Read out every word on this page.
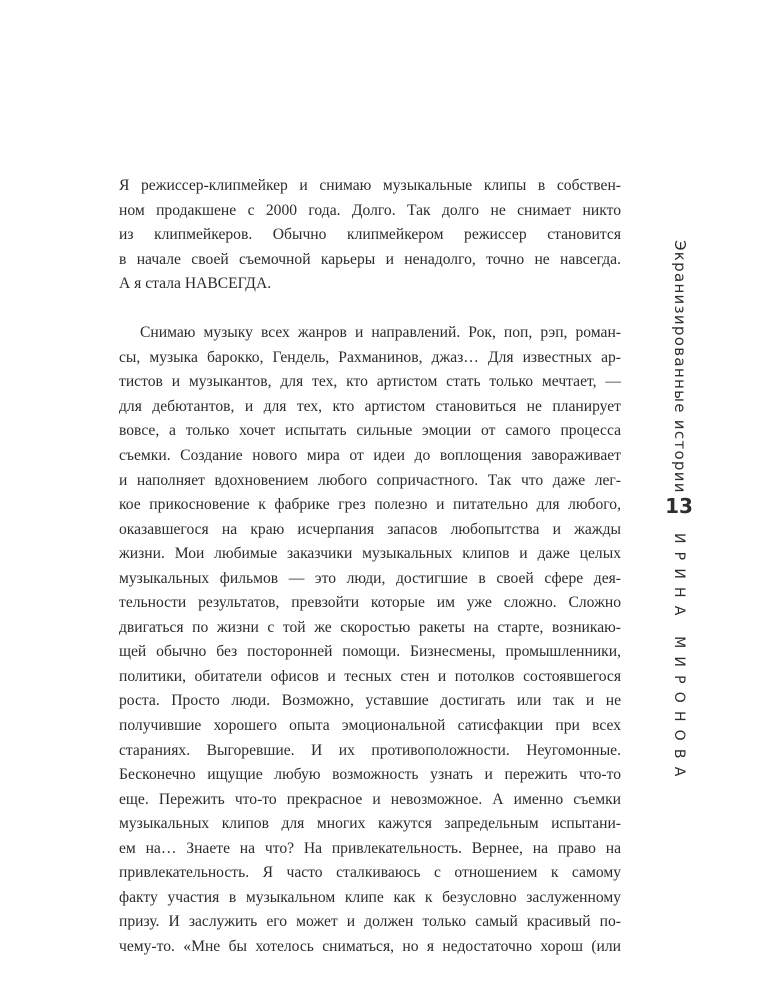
Я режиссер-клипмейкер и снимаю музыкальные клипы в собствен-
ном продакшене с 2000 года. Долго. Так долго не снимает никто
из клипмейкеров. Обычно клипмейкером режиссер становится
в начале своей съемочной карьеры и ненадолго, точно не навсегда.
А я стала НАВСЕГДА.
Снимаю музыку всех жанров и направлений. Рок, поп, рэп, роман-
сы, музыка барокко, Гендель, Рахманинов, джаз… Для известных ар-
тистов и музыкантов, для тех, кто артистом стать только мечтает, —
для дебютантов, и для тех, кто артистом становиться не планирует
вовсе, а только хочет испытать сильные эмоции от самого процесса
съемки. Создание нового мира от идеи до воплощения завораживает
и наполняет вдохновением любого сопричастного. Так что даже лег-
кое прикосновение к фабрике грез полезно и питательно для любого,
оказавшегося на краю исчерпания запасов любопытства и жажды
жизни. Мои любимые заказчики музыкальных клипов и даже целых
музыкальных фильмов — это люди, достигшие в своей сфере дея-
тельности результатов, превзойти которые им уже сложно. Сложно
двигаться по жизни с той же скоростью ракеты на старте, возникаю-
щей обычно без посторонней помощи. Бизнесмены, промышленники,
политики, обитатели офисов и тесных стен и потолков состоявшегося
роста. Просто люди. Возможно, уставшие достигать или так и не
получившие хорошего опыта эмоциональной сатисфакции при всех
стараниях. Выгоревшие. И их противоположности. Неугомонные.
Бесконечно ищущие любую возможность узнать и пережить что-то
еще. Пережить что-то прекрасное и невозможное. А именно съемки
музыкальных клипов для многих кажутся запредельным испытани-
ем на… Знаете на что? На привлекательность. Вернее, на право на
привлекательность. Я часто сталкиваюсь с отношением к самому
факту участия в музыкальном клипе как к безусловно заслуженному
призу. И заслужить его может и должен только самый красивый по-
чему-то. «Мне бы хотелось сниматься, но я недостаточно хорош (или
Экранизированные истории
13
ИРИНА МИРОНОВА
